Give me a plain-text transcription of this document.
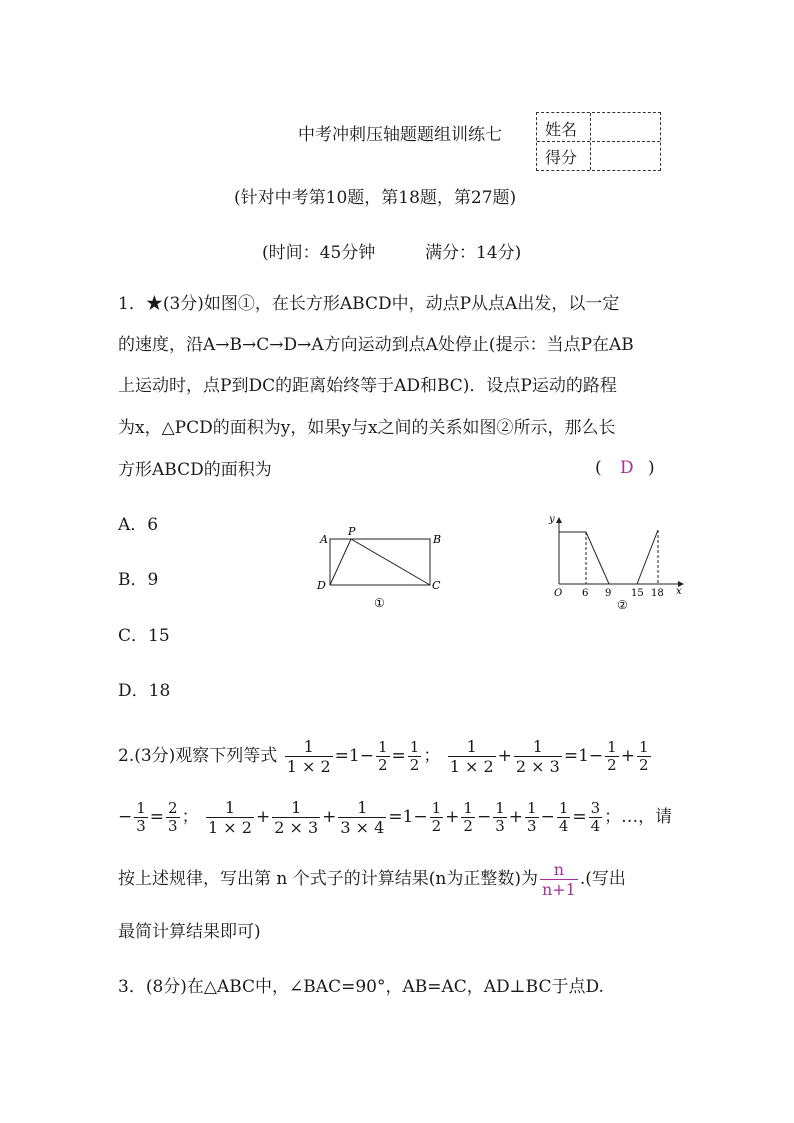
中考冲刺压轴题题组训练七	姓名
得分
(针对中考第10题，第18题，第27题)
(时间：45分钟	满分：14分)
1．★(3分)如图①，在长方形ABCD中，动点P从点A出发，以一定
的速度，沿A→B→C→D→A方向运动到点A处停止(提示：当点P在AB
上运动时，点P到DC的距离始终等于AD和BC)．设点P运动的路程
为x，△PCD的面积为y，如果y与x之间的关系如图②所示，那么长
方形ABCD的面积为	( D )
A．6
B．9
C．15
D．18
A
P
B
D	C
①
y
x
O 6 9 15 18
②
2.(3分)观察下列等式 $\frac{1}{1 \times 2} =1- \frac{1}{2} = \frac{1}{2}$ ； $\frac{1}{1 \times 2} + \frac{1}{2 \times 3} =1- \frac{1}{2} + \frac{1}{2}$
− $\frac{1}{3} = \frac{2}{3}$ ； $\frac{1}{1 \times 2} + \frac{1}{2 \times 3} + \frac{1}{3 \times 4} =1- \frac{1}{2} + \frac{1}{2} - \frac{1}{3} + \frac{1}{3} - \frac{1}{4} = \frac{3}{4}$ ；…，请
按上述规律，写出第 n 个式子的计算结果(n为正整数)为 $\frac{n}{n+1}$ .(写出
最简计算结果即可)
3．(8分)在△ABC中，∠BAC=90°，AB=AC，AD⊥BC于点D.
